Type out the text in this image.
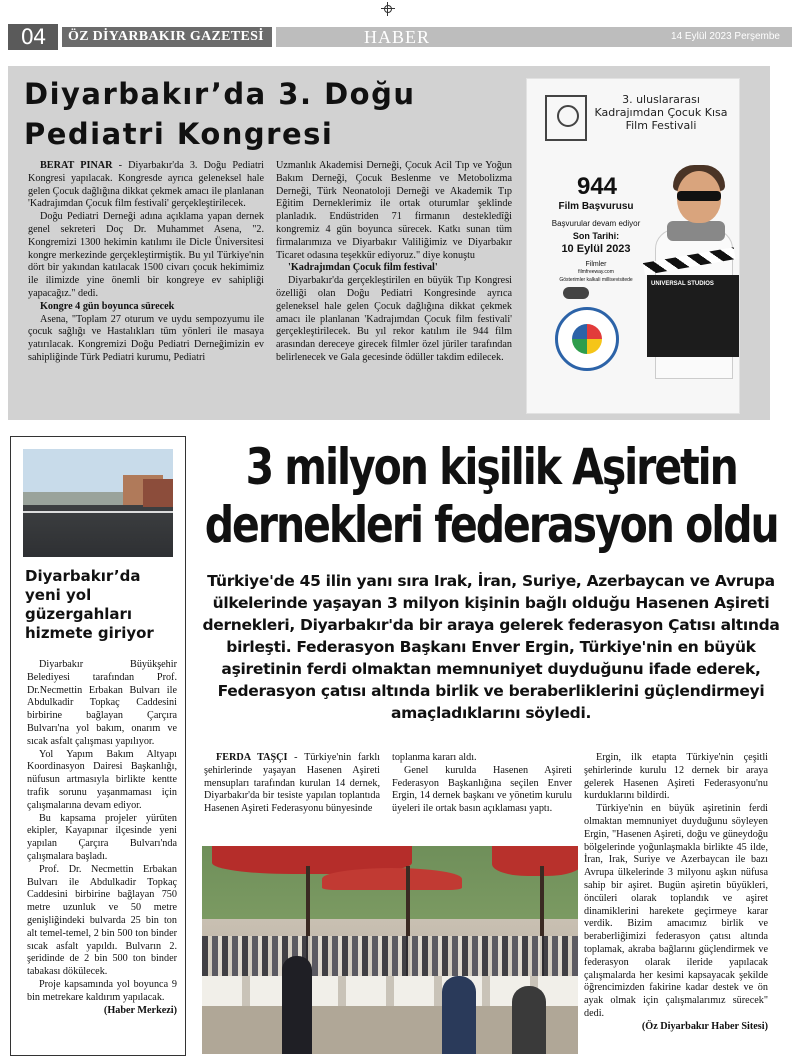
04	ÖZ DİYARBAKIR GAZETESİ	HABER	14 Eylül 2023 Perşembe
Diyarbakır’da 3. Doğu Pediatri Kongresi

BERAT PINAR - Diyarbakır'da 3. Doğu Pediatri Kongresi yapılacak. Kongresde ayrıca geleneksel hale gelen Çocuk dağlığına dikkat çekmek amacı ile planlanan 'Kadrajımdan Çocuk film festivali' gerçekleştirilecek.

Doğu Pediatri Derneği adına açıklama yapan dernek genel sekreteri Doç Dr. Muhammet Asena, "2. Kongremizi 1300 hekimin katılımı ile Dicle Üniversitesi kongre merkezinde gerçekleştirmiştik. Bu yıl Türkiye'nin dört bir yakından katılacak 1500 civarı çocuk hekimimiz ile ilimizde yine önemli bir kongreye ev sahipliği yapacağız." dedi.

Kongre 4 gün boyunca sürecek

Asena, "Toplam 27 oturum ve uydu sempozyumu ile çocuk sağlığı ve Hastalıkları tüm yönleri ile masaya yatırılacak. Kongremizi Doğu Pediatri Derneğimizin ev sahipliğinde Türk Pediatri kurumu, Pediatri

Uzmanlık Akademisi Derneği, Çocuk Acil Tıp ve Yoğun Bakım Derneği, Çocuk Beslenme ve Metobolizma Derneği, Türk Neonatoloji Derneği ve Akademik Tıp Eğitim Derneklerimiz ile ortak oturumlar şeklinde planladık. Endüstriden 71 firmanın destekledîği kongremiz 4 gün boyunca sürecek. Katkı sunan tüm firmalarımıza ve Diyarbakır Valiliğimiz ve Diyarbakır Ticaret odasına teşekkür ediyoruz." diye konuştu

'Kadrajımdan Çocuk film festival'

Diyarbakır'da gerçekleştirilen en büyük Tıp Kongresi özelliği olan Doğu Pediatri Kongresinde ayrıca geleneksel hale gelen Çocuk dağlığına dikkat çekmek amacı ile planlanan 'Kadrajımdan Çocuk film festivali' gerçekleştirilecek. Bu yıl rekor katılım ile 944 film arasından dereceye girecek filmler özel jüriler tarafından belirlenecek ve Gala gecesinde ödüller takdim edilecek.

3. uluslararası Kadrajımdan Çocuk Kısa Film Festivali
944
Film Başvurusu
Başvurular devam ediyor
Son Tarihi:
10 Eylül 2023
Filmler
filmfreeway.com
Gösterimler kalkali millisevisitede
UNIVERSAL STUDIOS
Diyarbakır’da yeni yol güzergahları hizmete giriyor

Diyarbakır Büyükşehir Belediyesi tarafından Prof. Dr.Necmettin Erbakan Bulvarı ile Abdulkadir Topkaç Caddesini birbirine bağlayan Çarçıra Bulvarı'na yol bakım, onarım ve sıcak asfalt çalışması yapılıyor.

Yol Yapım Bakım Altyapı Koordinasyon Dairesi Başkanlığı, nüfusun artmasıyla birlikte kentte trafik sorunu yaşanmaması için çalışmalarına devam ediyor.

Bu kapsama projeler yürüten ekipler, Kayapınar ilçesinde yeni yapılan Çarçıra Bulvarı'nda çalışmalara başladı.

Prof. Dr. Necmettin Erbakan Bulvarı ile Abdulkadir Topkaç Caddesini birbirine bağlayan 750 metre uzunluk ve 50 metre genişliğindeki bulvarda 25 bin ton alt temel-temel, 2 bin 500 ton binder sıcak asfalt yapıldı. Bulvarın 2. şeridinde de 2 bin 500 ton binder tabakası dökülecek.

Proje kapsamında yol boyunca 9 bin metrekare kaldırım yapılacak.

(Haber Merkezi)

3 milyon kişilik Aşiretin dernekleri federasyon oldu

Türkiye'de 45 ilin yanı sıra Irak, İran, Suriye, Azerbaycan ve Avrupa ülkelerinde yaşayan 3 milyon kişinin bağlı olduğu Hasenen Aşireti dernekleri, Diyarbakır'da bir araya gelerek federasyon Çatısı altında birleşti. Federasyon Başkanı Enver Ergin, Türkiye'nin en büyük aşiretinin ferdi olmaktan memnuniyet duyduğunu ifade ederek, Federasyon çatısı altında birlik ve beraberliklerini güçlendirmeyi amaçladıklarını söyledi.

FERDA TAŞÇI - Türkiye'nin farklı şehirlerinde yaşayan Hasenen Aşireti mensupları tarafından kurulan 14 dernek, Diyarbakır'da bir tesiste yapılan toplantıda Hasenen Aşireti Federasyonu bünyesinde

toplanma kararı aldı.

Genel kurulda Hasenen Aşireti Federasyon Başkanlığına seçilen Enver Ergin, 14 dernek başkanı ve yönetim kurulu üyeleri ile ortak basın açıklaması yaptı.

Ergin, ilk etapta Türkiye'nin çeşitli şehirlerinde kurulu 12 dernek bir araya gelerek Hasenen Aşireti Federasyonu'nu kurduklarını bildirdi.

Türkiye'nin en büyük aşiretinin ferdi olmaktan memnuniyet duyduğunu söyleyen Ergin, "Hasenen Aşireti, doğu ve güneydoğu bölgelerinde yoğunlaşmakla birlikte 45 ilde, İran, Irak, Suriye ve Azerbaycan ile bazı Avrupa ülkelerinde 3 milyonu aşkın nüfusa sahip bir aşiret. Bugün aşiretin büyükleri, öncüleri olarak toplandık ve aşiret dinamiklerini harekete geçirmeye karar verdik. Bizim amacımız birlik ve beraberliğimizi federasyon çatısı altında toplamak, akraba bağlarını güçlendirmek ve federasyon olarak ileride yapılacak çalışmalarda her kesimi kapsayacak şekilde öğrencimizden fakirine kadar destek ve ön ayak olmak için çalışmalarımız sürecek" dedi.

(Öz Diyarbakır Haber Sitesi)
